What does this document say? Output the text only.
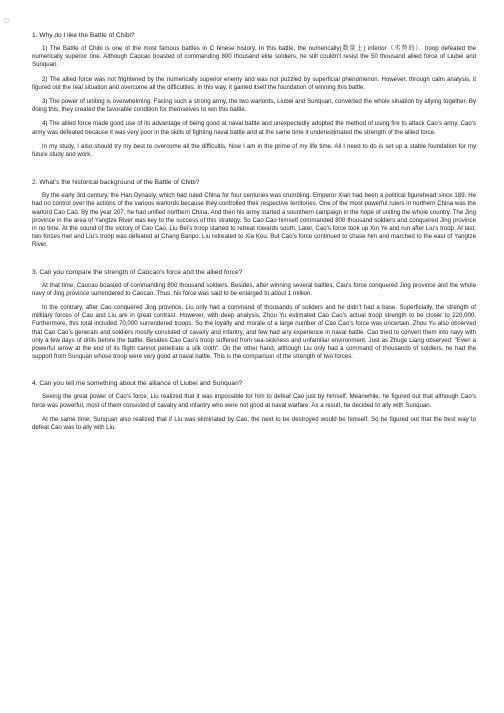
□

1. Why do I like the Battle of Chibi?

1) The Battle of Chibi is one of the most famous battles in C hinese history. In this battle, the numerically(数量上) inferior（劣势的） troop defeated the numerically superior one. Although Caocao boasted of commanding 800 thousand elite soldiers, he still couldn’t resist the 50 thousand allied force of Liubei and Sunquan.

2) The allied force was not frightened by the numerically superior enemy and was not puzzled by superficial phenomenon. However, through calm analysis, it figured out the real situation and overcome all the difficulties. In this way, it gained itself the foundation of winning this battle.

3) The power of uniting is overwhelming. Facing such a strong army, the two warlords, Liubei and Sunquan, converted the whole situation by allying together. By doing this, they created the favorable condition for themselves to win this battle.

4) The allied force made good use of its advantage of being good at naval battle and unexpectedly adopted the method of using fire to attack Cao’s army. Cao’s army was defeated because it was very poor in the skills of fighting naval battle and at the same time it underestimated the strength of the allied force.

In my study, I also should try my best to overcome all the difficultis. Now I am in the prime of my life time. All I need to do is set up a stable foundation for my future study and work.

2. What’s the historical background of the Battle of Chibi?

By the early 3rd century, the Han Dynasty, which had ruled China for four centuries was crumbling. Emperor Xian had been a political figurehead since 189. He had no control over the actions of the various warlords because they controlled their respective territories. One of the most powerful rulers in northern China was the warlord Cao Cao. By the year 207, he had unified northern China. And then his army started a sounthern campaign in the hope of uniting the whole country. The Jing province in the area of Yangtze River was key to the success of this strategy. So Cao Cao himself commanded 800 thousand soldiers and conquered Jing province in no time. At the sound of the victory of Cao Cao, Liu Bei’s troop started to retreat towards south. Later, Cao’s force took up Xin Ye and run after Liu’s troop. At last, two forces met and Liu’s troop was defeated at Chang Banpo. Liu retreated to Xia Kou. But Cao’s force continued to chase him and marched to the east of Yangtze River.

3. Can you compare the strength of Caocao’s force and the allied force?

At that time, Caocao boasted of commanding 800 thousand soldiers. Besides, after winning several battles, Cao’s force conquered Jing province and the whole navy of Jing province surrendered to Caocao. Thus, his force was said to be enlarged to about 1 million.

In the contrary, after Cao conquered Jing province, Liu only had a command of thousands of soliders and he didn’t had a base. Superficially, the strength of millitary forces of Cao and Liu are in great contrast. However, with deep analysis, Zhou Yu estimated Cao Cao’s actual troop strength to be closer to 220,000. Furthermore, this total included 70,000 surrendered troops. So the loyalty and morale of a large number of Cao Cao’s force was uncertain. Zhou Yu also observed that Cao Cao’s generals and soldiers mostly consisted of cavalry and infantry, and few had any experience in naval battle. Cao tried to convert them into navy with only a few days of drills before the battle. Besides Cao Cao’s troop suffered from sea-sickness and unfamiliar environment. Just as Zhuge Liang observed: "Even a powerful arrow at the end of its flight cannot penetrate a silk cloth". On the other hand, although Liu only had a command of thousands of soldiers, he had the support from Sunquan whose troop were very good at naval battle. This is the comparison of the strength of two forces.

4. Can you tell me something about the alliance of Liubei and Sunquan?

Seeing the great power of Cao’s force, Liu realized that it was impossible for him to defeat Cao just by himself. Meanwhile, he figured out that although Cao’s force was powerful, most of them consisted of cavalry and infantry who were not good at naval warfare. As a result, he decided to ally with Sunquan.

At the same time, Sunquan also realized that if Liu was eliminated by Cao, the next to be destroyed would be himself. So he figured out that the best way to defeat Cao was to ally with Liu.
